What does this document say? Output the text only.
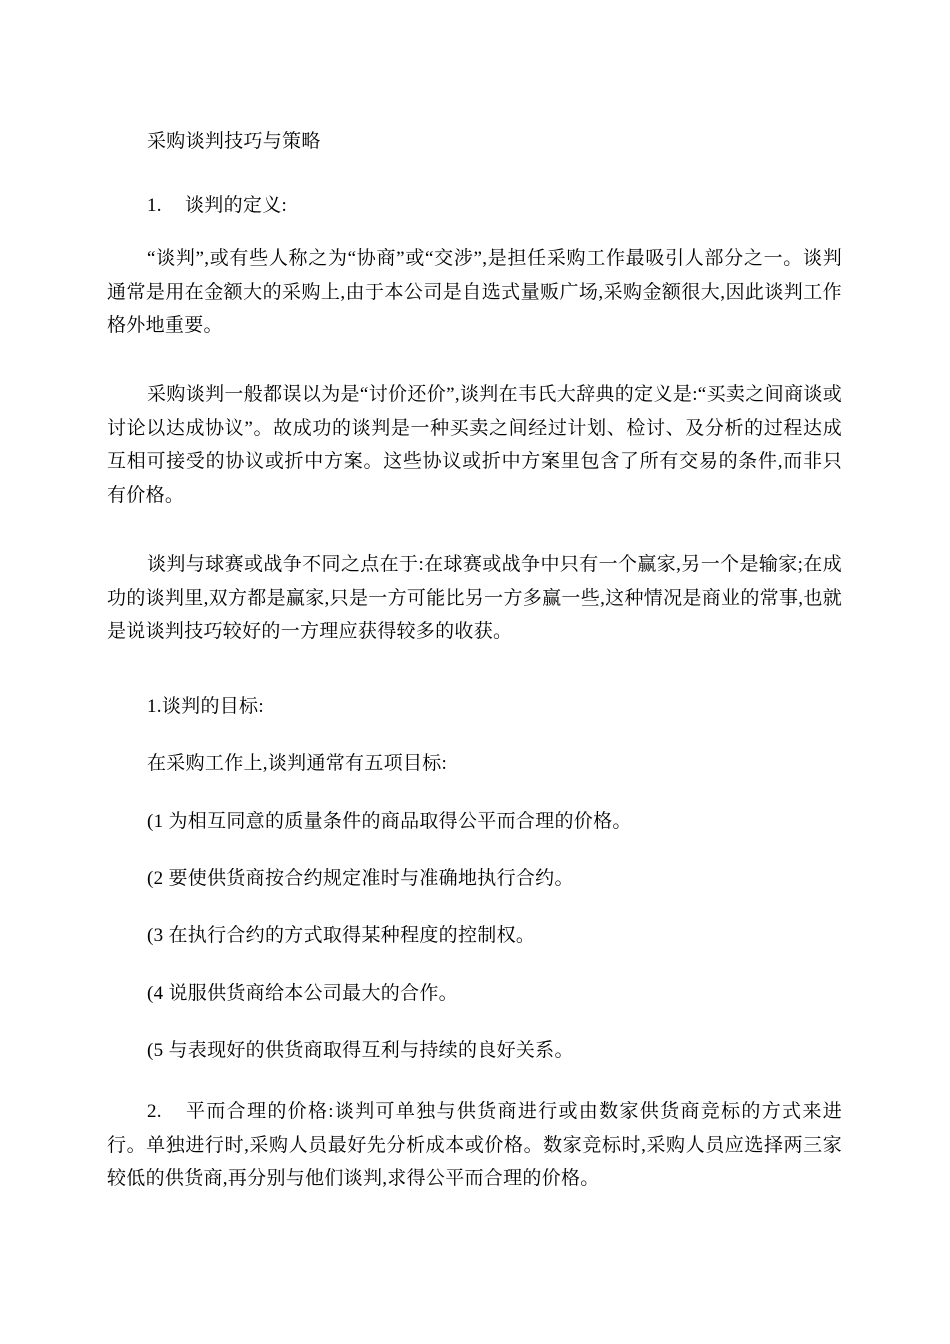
采购谈判技巧与策略
1. 谈判的定义:

“谈判”,或有些人称之为“协商”或“交涉”,是担任采购工作最吸引人部分之一。谈判通常是用在金额大的采购上,由于本公司是自选式量贩广场,采购金额很大,因此谈判工作格外地重要。

采购谈判一般都误以为是“讨价还价”,谈判在韦氏大辞典的定义是:“买卖之间商谈或讨论以达成协议”。故成功的谈判是一种买卖之间经过计划、检讨、及分析的过程达成互相可接受的协议或折中方案。这些协议或折中方案里包含了所有交易的条件,而非只有价格。

谈判与球赛或战争不同之点在于:在球赛或战争中只有一个赢家,另一个是输家;在成功的谈判里,双方都是赢家,只是一方可能比另一方多赢一些,这种情况是商业的常事,也就是说谈判技巧较好的一方理应获得较多的收获。

1.谈判的目标:
在采购工作上,谈判通常有五项目标:
(1 为相互同意的质量条件的商品取得公平而合理的价格。
(2 要使供货商按合约规定准时与准确地执行合约。
(3 在执行合约的方式取得某种程度的控制权。
(4 说服供货商给本公司最大的合作。
(5 与表现好的供货商取得互利与持续的良好关系。

2. 平而合理的价格:谈判可单独与供货商进行或由数家供货商竞标的方式来进行。单独进行时,采购人员最好先分析成本或价格。数家竞标时,采购人员应选择两三家较低的供货商,再分别与他们谈判,求得公平而合理的价格。
